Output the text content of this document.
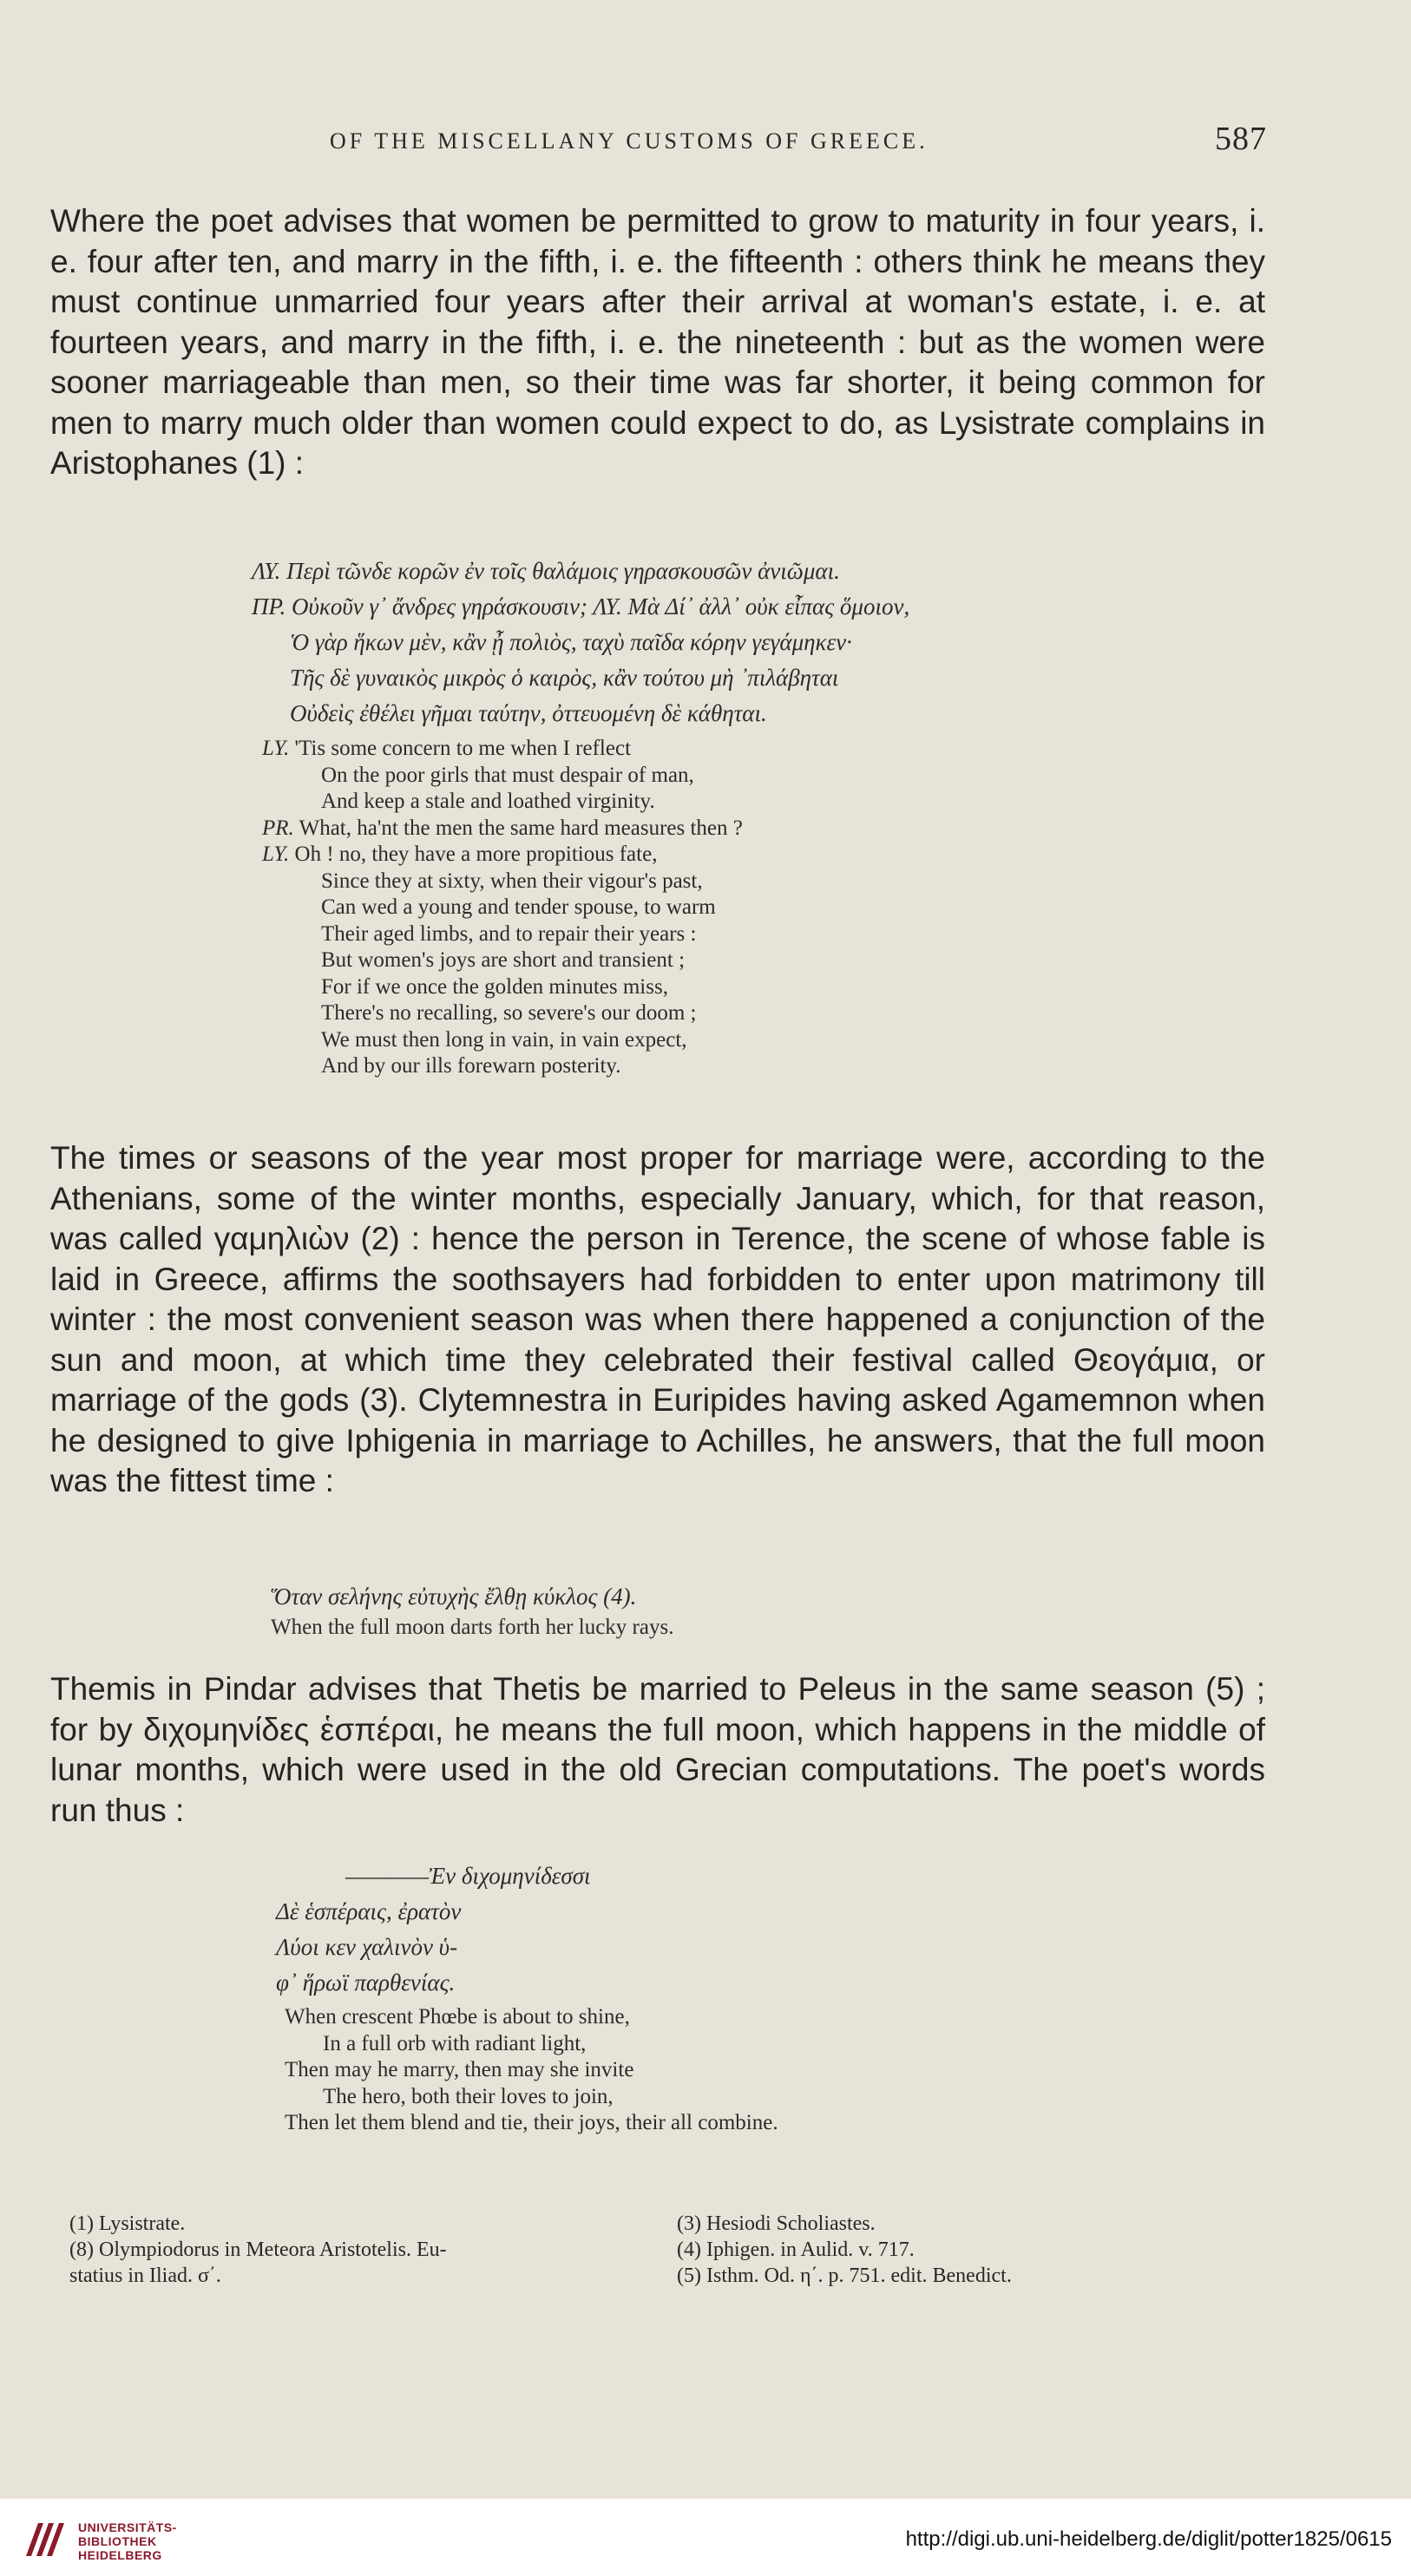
OF THE MISCELLANY CUSTOMS OF GREECE.	587

Where the poet advises that women be permitted to grow to maturity in four years, i. e. four after ten, and marry in the fifth, i. e. the fifteenth : others think he means they must continue unmarried four years after their arrival at woman's estate, i. e. at fourteen years, and marry in the fifth, i. e. the nineteenth : but as the women were sooner marriageable than men, so their time was far shorter, it being common for men to marry much older than women could expect to do, as Lysistrate complains in Aristophanes (1) :

ΛΥ. Περὶ τῶνδε κορῶν ἐν τοῖς θαλάμοις γηρασκουσῶν ἀνιῶμαι.
ΠΡ. Οὐκοῦν γ᾽ ἄνδρες γηράσκουσιν; ΛΥ. Μὰ Δί᾽ ἀλλ᾽ οὐκ εἶπας ὅμοιον,
Ὁ γὰρ ἥκων μὲν, κἂν ᾖ πολιὸς, ταχὺ παῖδα κόρην γεγάμηκεν·
Τῆς δὲ γυναικὸς μικρὸς ὁ καιρὸς, κἂν τούτου μὴ ᾽πιλάβηται
Οὐδεὶς ἐθέλει γῆμαι ταύτην, ὀττευομένη δὲ κάθηται.
LY. 'Tis some concern to me when I reflect
On the poor girls that must despair of man,
And keep a stale and loathed virginity.
PR. What, ha'nt the men the same hard measures then ?
LY. Oh ! no, they have a more propitious fate,
Since they at sixty, when their vigour's past,
Can wed a young and tender spouse, to warm
Their aged limbs, and to repair their years :
But women's joys are short and transient ;
For if we once the golden minutes miss,
There's no recalling, so severe's our doom ;
We must then long in vain, in vain expect,
And by our ills forewarn posterity.

The times or seasons of the year most proper for marriage were, according to the Athenians, some of the winter months, especially January, which, for that reason, was called γαμηλιὼν (2) : hence the person in Terence, the scene of whose fable is laid in Greece, affirms the soothsayers had forbidden to enter upon matrimony till winter : the most convenient season was when there happened a conjunction of the sun and moon, at which time they celebrated their festival called Θεογάμια, or marriage of the gods (3). Clytemnestra in Euripides having asked Agamemnon when he designed to give Iphigenia in marriage to Achilles, he answers, that the full moon was the fittest time :

Ὅταν σελήνης εὐτυχὴς ἔλθῃ κύκλος (4).
When the full moon darts forth her lucky rays.

Themis in Pindar advises that Thetis be married to Peleus in the same season (5) ; for by διχομηνίδες ἑσπέραι, he means the full moon, which happens in the middle of lunar months, which were used in the old Grecian computations. The poet's words run thus :

————Ἐν διχομηνίδεσσι
Δὲ ἑσπέραις, ἐρατὸν
Λύοι κεν χαλινὸν ὑ-
φ᾽ ἥρωϊ παρθενίας.
When crescent Phœbe is about to shine,
In a full orb with radiant light,
Then may he marry, then may she invite
The hero, both their loves to join,
Then let them blend and tie, their joys, their all combine.
(1) Lysistrate.
(8) Olympiodorus in Meteora Aristotelis. Eu-
statius in Iliad. σ΄.
(3) Hesiodi Scholiastes.
(4) Iphigen. in Aulid. v. 717.
(5) Isthm. Od. η΄. p. 751. edit. Benedict.
UNIVERSITÄTS-
BIBLIOTHEK
HEIDELBERG
http://digi.ub.uni-heidelberg.de/diglit/potter1825/0615
